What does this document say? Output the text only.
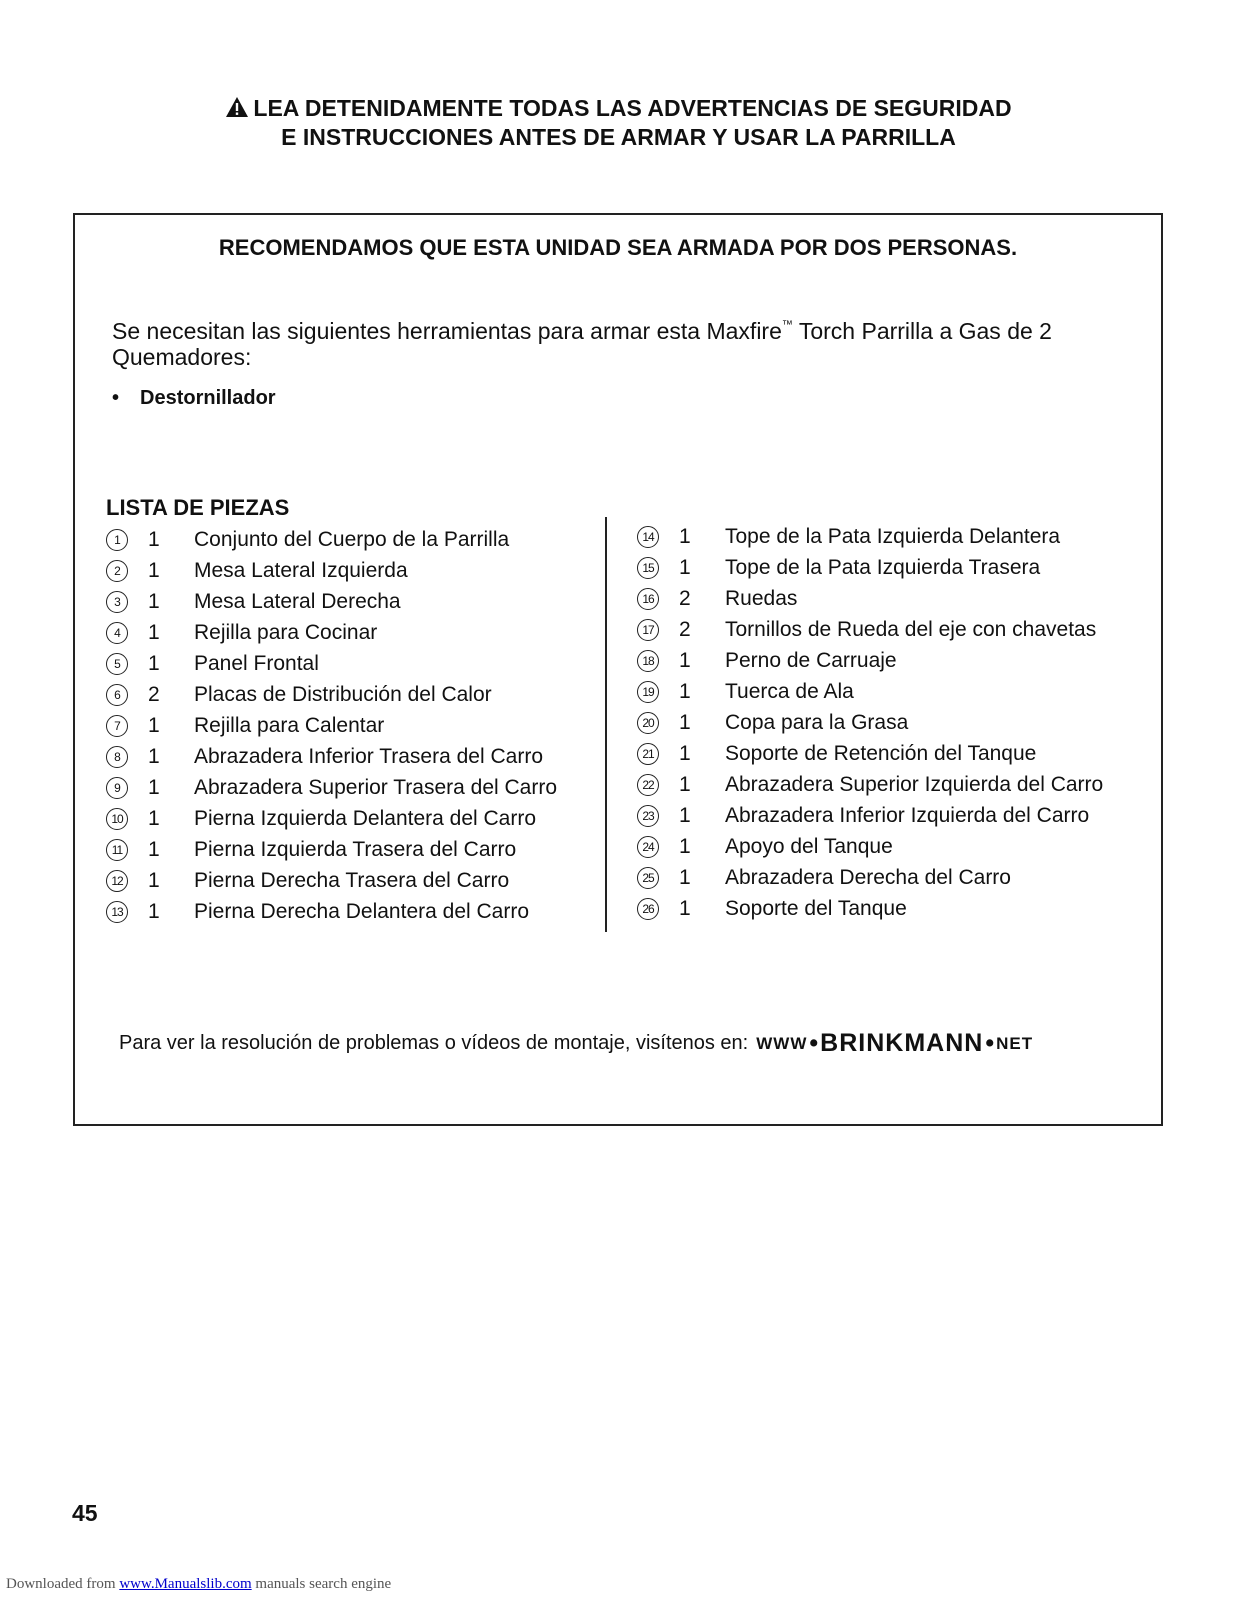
LEA DETENIDAMENTE TODAS LAS ADVERTENCIAS DE SEGURIDAD
E INSTRUCCIONES ANTES DE ARMAR Y USAR LA PARRILLA
RECOMENDAMOS QUE ESTA UNIDAD SEA ARMADA POR DOS PERSONAS.
Se necesitan las siguientes herramientas para armar esta Maxfire™ Torch Parrilla a Gas de 2 Quemadores:
• Destornillador
LISTA DE PIEZAS
1	1	Conjunto del Cuerpo de la Parrilla
2	1	Mesa Lateral Izquierda
3	1	Mesa Lateral Derecha
4	1	Rejilla para Cocinar
5	1	Panel Frontal
6	2	Placas de Distribución del Calor
7	1	Rejilla para Calentar
8	1	Abrazadera Inferior Trasera del Carro
9	1	Abrazadera Superior Trasera del Carro
10 1	Pierna Izquierda Delantera del Carro
11 1	Pierna Izquierda Trasera del Carro
12 1	Pierna Derecha Trasera del Carro
13 1	Pierna Derecha Delantera del Carro
14 1	Tope de la Pata Izquierda Delantera
15 1	Tope de la Pata Izquierda Trasera
16 2	Ruedas
17 2	Tornillos de Rueda del eje con chavetas
18 1	Perno de Carruaje
19 1	Tuerca de Ala
20 1	Copa para la Grasa
21 1	Soporte de Retención del Tanque
22 1	Abrazadera Superior Izquierda del Carro
23 1	Abrazadera Inferior Izquierda del Carro
24 1	Apoyo del Tanque
25 1	Abrazadera Derecha del Carro
26 1	Soporte del Tanque
Para ver la resolución de problemas o vídeos de montaje, visítenos en: WWW • BRINKMANN • NET
45
Downloaded from www.Manualslib.com manuals search engine
